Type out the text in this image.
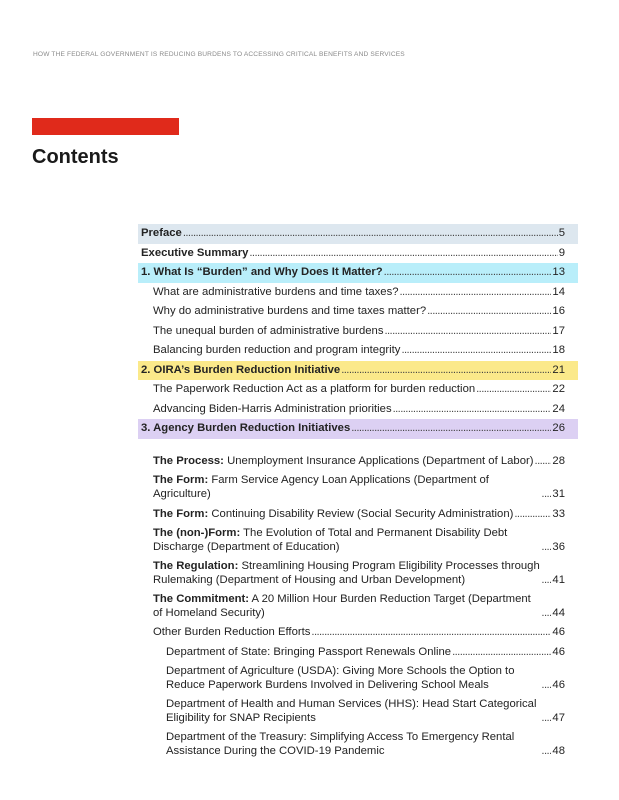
HOW THE FEDERAL GOVERNMENT IS REDUCING BURDENS TO ACCESSING CRITICAL BENEFITS AND SERVICES
Contents
Preface .....	5
Executive Summary .....	9
1. What Is “Burden” and Why Does It Matter? .....	13
What are administrative burdens and time taxes? .....	14
Why do administrative burdens and time taxes matter? .....	16
The unequal burden of administrative burdens .....	17
Balancing burden reduction and program integrity .....	18
2. OIRA’s Burden Reduction Initiative .....	21
The Paperwork Reduction Act as a platform for burden reduction .....	22
Advancing Biden-Harris Administration priorities .....	24
3. Agency Burden Reduction Initiatives .....	26
The Process: Unemployment Insurance Applications (Department of Labor) ..... 28
The Form: Farm Service Agency Loan Applications (Department of Agriculture) .....	31
The Form: Continuing Disability Review (Social Security Administration) .....	33
The (non-)Form: The Evolution of Total and Permanent Disability Debt Discharge (Department of Education) .....	36
The Regulation: Streamlining Housing Program Eligibility Processes through Rulemaking (Department of Housing and Urban Development) .....	41
The Commitment: A 20 Million Hour Burden Reduction Target (Department of Homeland Security) .....	44
Other Burden Reduction Efforts .....	46
Department of State: Bringing Passport Renewals Online .....	46
Department of Agriculture (USDA): Giving More Schools the Option to Reduce Paperwork Burdens Involved in Delivering School Meals .....	46
Department of Health and Human Services (HHS): Head Start Categorical Eligibility for SNAP Recipients .....	47
Department of the Treasury: Simplifying Access To Emergency Rental Assistance During the COVID-19 Pandemic .....	48
